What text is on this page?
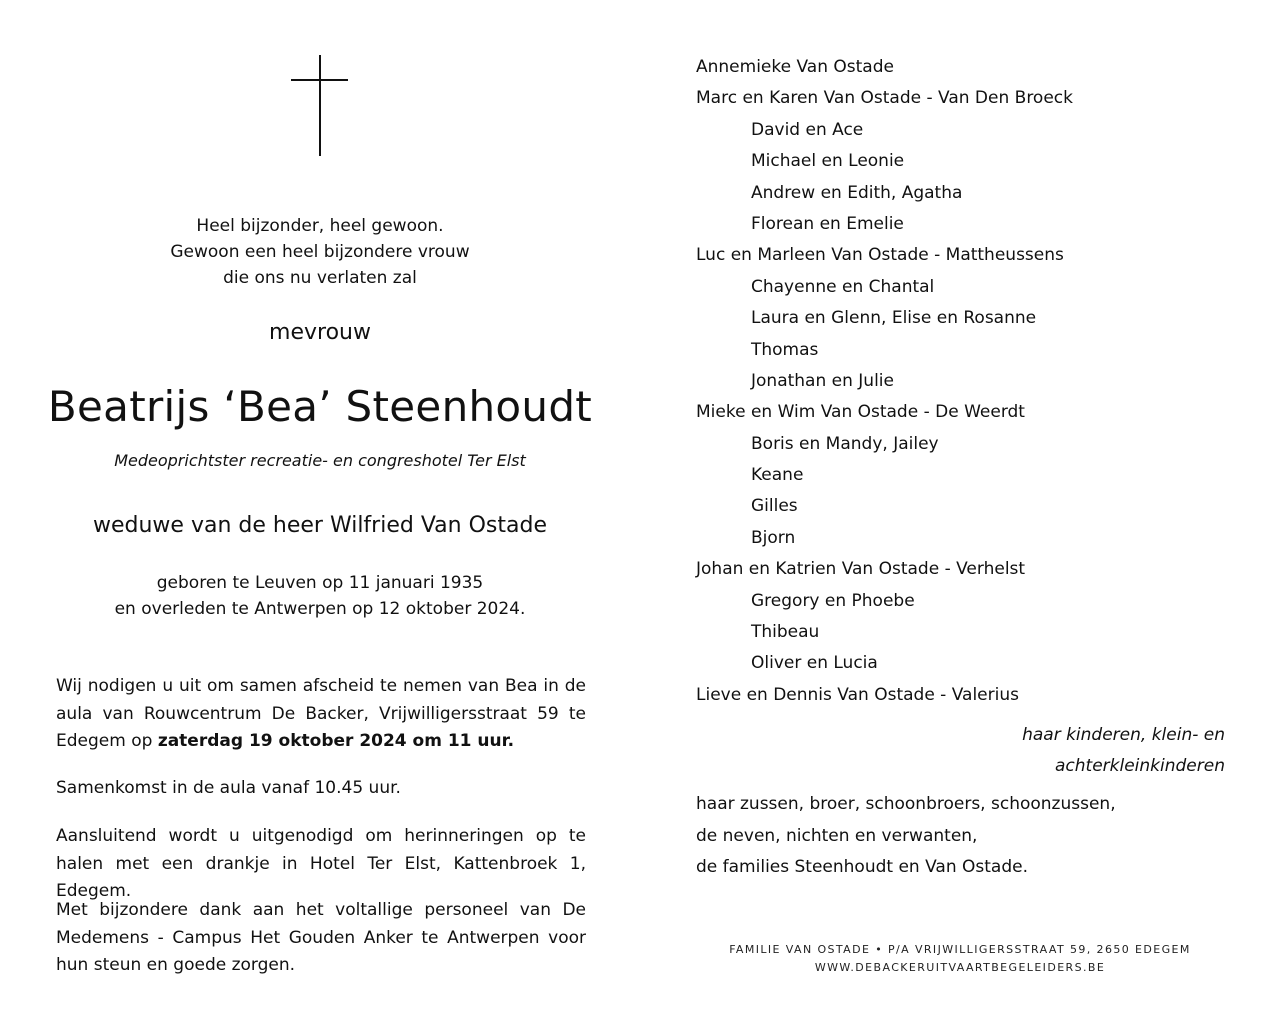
Heel bijzonder, heel gewoon.
Gewoon een heel bijzondere vrouw
die ons nu verlaten zal
mevrouw
Beatrijs ‘Bea’ Steenhoudt
Medeoprichtster recreatie- en congreshotel Ter Elst
weduwe van de heer Wilfried Van Ostade
geboren te Leuven op 11 januari 1935
en overleden te Antwerpen op 12 oktober 2024.
Wij nodigen u uit om samen afscheid te nemen van Bea in de aula van Rouwcentrum De Backer, Vrijwilligersstraat 59 te Edegem op zaterdag 19 oktober 2024 om 11 uur.
Samenkomst in de aula vanaf 10.45 uur.
Aansluitend wordt u uitgenodigd om herinneringen op te halen met een drankje in Hotel Ter Elst, Kattenbroek 1, Edegem.
Met bijzondere dank aan het voltallige personeel van De Medemens - Campus Het Gouden Anker te Antwerpen voor hun steun en goede zorgen.
Annemieke Van Ostade
Marc en Karen Van Ostade - Van Den Broeck
David en Ace
Michael en Leonie
Andrew en Edith, Agatha
Florean en Emelie
Luc en Marleen Van Ostade - Mattheussens
Chayenne en Chantal
Laura en Glenn, Elise en Rosanne
Thomas
Jonathan en Julie
Mieke en Wim Van Ostade - De Weerdt
Boris en Mandy, Jailey
Keane
Gilles
Bjorn
Johan en Katrien Van Ostade - Verhelst
Gregory en Phoebe
Thibeau
Oliver en Lucia
Lieve en Dennis Van Ostade - Valerius
haar kinderen, klein- en
achterkleinkinderen
haar zussen, broer, schoonbroers, schoonzussen,
de neven, nichten en verwanten,
de families Steenhoudt en Van Ostade.
FAMILIE VAN OSTADE • P/A VRIJWILLIGERSSTRAAT 59, 2650 EDEGEM
WWW.DEBACKERUITVAARTBEGELEIDERS.BE
